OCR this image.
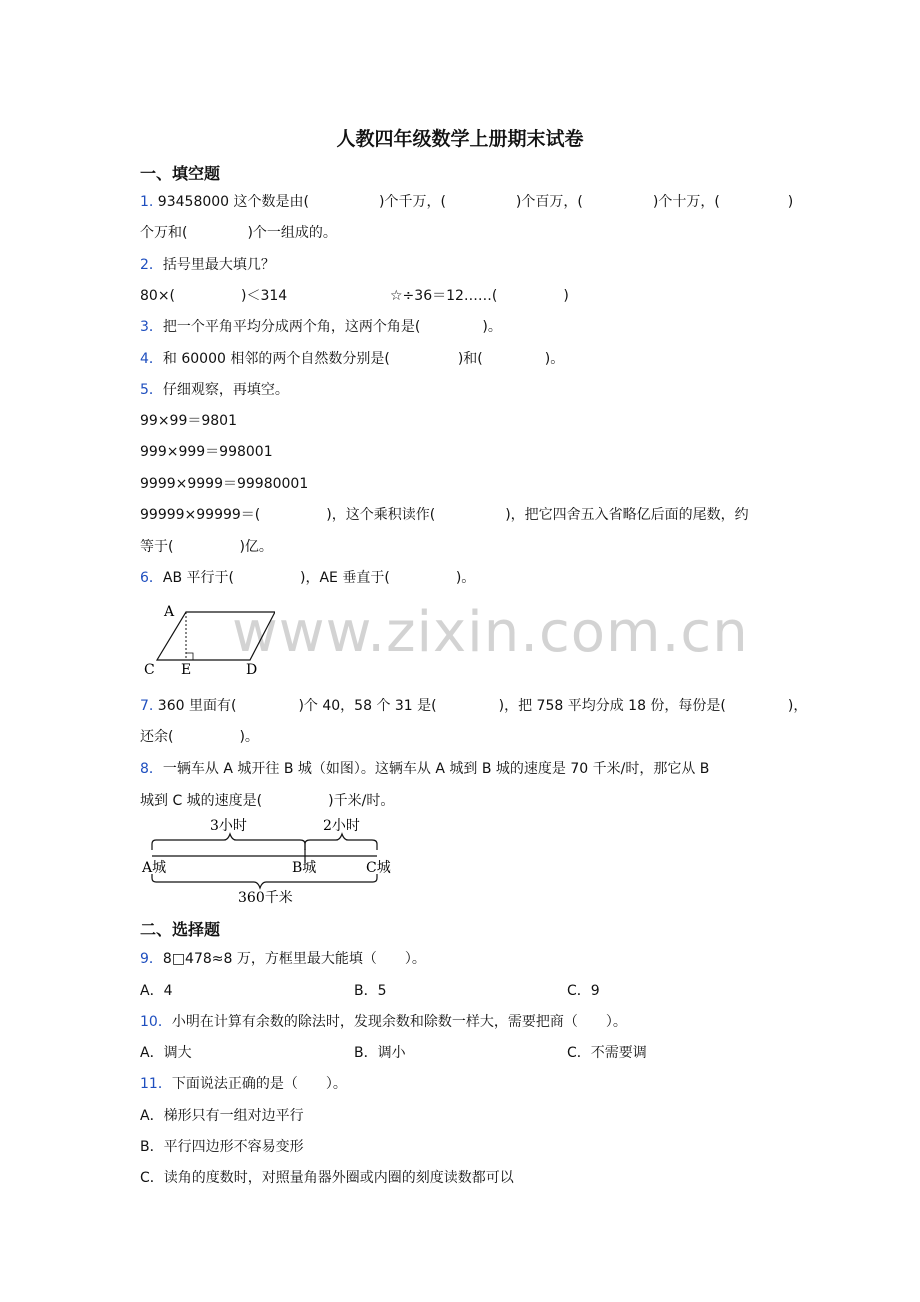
www.zixin.com.cn
人教四年级数学上册期末试卷
一、填空题
1. 93458000 这个数是由(	)个千万，(	)个百万，(	)个十万，(	)
个万和(	)个一组成的。
2．括号里最大填几？
80×(	)＜314	☆÷36＝12……(	)
3．把一个平角平均分成两个角，这两个角是(	)。
4．和 60000 相邻的两个自然数分别是(	)和(	)。
5．仔细观察，再填空。
99×99＝9801
999×999＝998001
9999×9999＝99980001
99999×99999＝(	)，这个乘积读作(	)，把它四舍五入省略亿后面的尾数，约
等于(	)亿。
6．AB 平行于(	)，AE 垂直于(	)。
A
C E	D
7. 360 里面有(	)个 40，58 个 31 是(	)，把 758 平均分成 18 份，每份是(	)，
还余(	)。
8．一辆车从 A 城开往 B 城（如图）。这辆车从 A 城到 B 城的速度是 70 千米/时，那它从 B
城到 C 城的速度是(	)千米/时。
3小时	2小时
A城	B城	C城
360千米
二、选择题
9．8□478≈8 万，方框里最大能填（　　）。
A．4	B．5	C．9
10．小明在计算有余数的除法时，发现余数和除数一样大，需要把商（　　）。
A．调大	B．调小	C．不需要调
11．下面说法正确的是（　　）。
A．梯形只有一组对边平行
B．平行四边形不容易变形
C．读角的度数时，对照量角器外圈或内圈的刻度读数都可以
